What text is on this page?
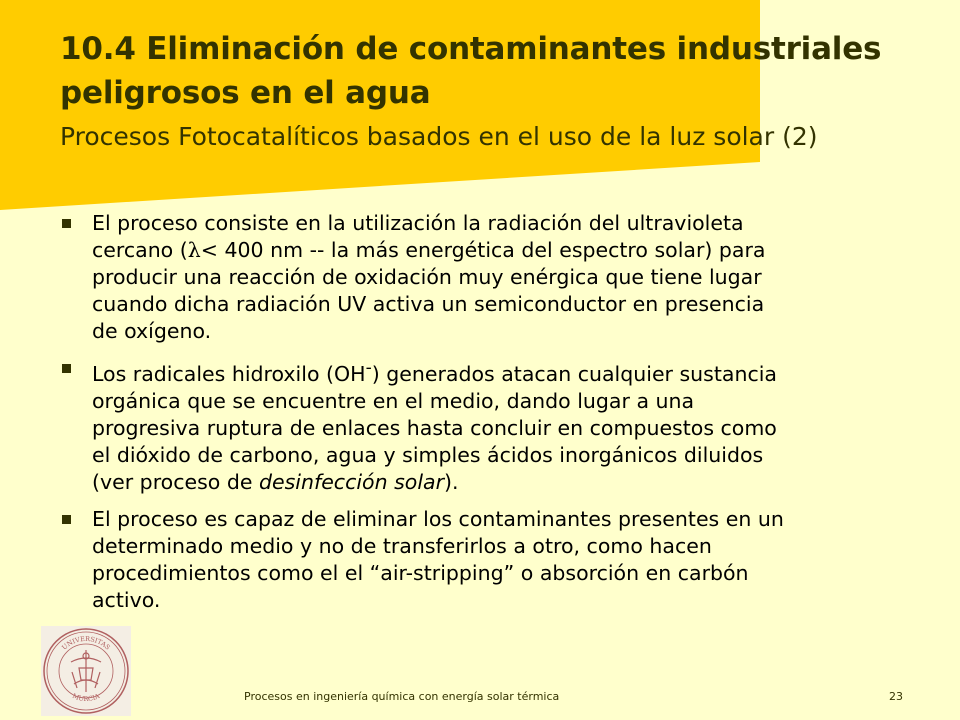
10.4 Eliminación de contaminantes industriales
peligrosos en el agua
Procesos Fotocatalíticos basados en el uso de la luz solar (2)
El proceso consiste en la utilización la radiación del ultravioleta
cercano (λ< 400 nm -- la más energética del espectro solar) para
producir una reacción de oxidación muy enérgica que tiene lugar
cuando dicha radiación UV activa un semiconductor en presencia
de oxígeno.
Los radicales hidroxilo (OH-) generados atacan cualquier sustancia
orgánica que se encuentre en el medio, dando lugar a una
progresiva ruptura de enlaces hasta concluir en compuestos como
el dióxido de carbono, agua y simples ácidos inorgánicos diluidos
(ver proceso de desinfección solar).
El proceso es capaz de eliminar los contaminantes presentes en un
determinado medio y no de transferirlos a otro, como hacen
procedimientos como el el “air-stripping” o absorción en carbón
activo.
UNIVERSITAS
MURCIA	Procesos en ingeniería química con energía solar térmica	23
